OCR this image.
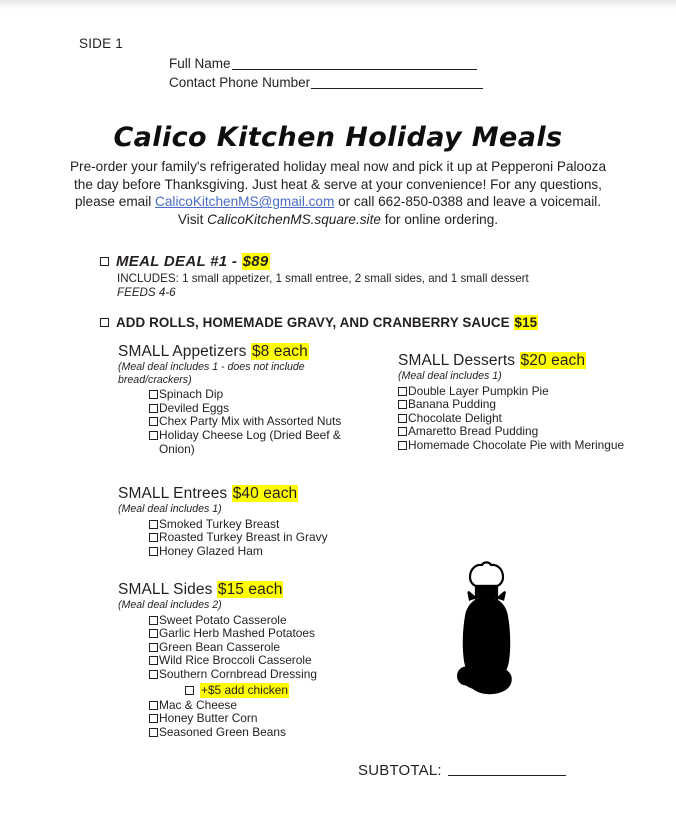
SIDE 1
Full Name
Contact Phone Number
Calico Kitchen Holiday Meals
Pre-order your family's refrigerated holiday meal now and pick it up at Pepperoni Palooza the day before Thanksgiving. Just heat & serve at your convenience! For any questions, please email CalicoKitchenMS@gmail.com or call 662-850-0388 and leave a voicemail. Visit CalicoKitchenMS.square.site for online ordering.
MEAL DEAL #1 - $89
INCLUDES: 1 small appetizer, 1 small entree, 2 small sides, and 1 small dessert
FEEDS 4-6
ADD ROLLS, HOMEMADE GRAVY, AND CRANBERRY SAUCE $15
SMALL Appetizers $8 each
(Meal deal includes 1 - does not include bread/crackers)
Spinach Dip
Deviled Eggs
Chex Party Mix with Assorted Nuts
Holiday Cheese Log (Dried Beef & Onion)
SMALL Desserts $20 each
(Meal deal includes 1)
Double Layer Pumpkin Pie
Banana Pudding
Chocolate Delight
Amaretto Bread Pudding
Homemade Chocolate Pie with Meringue
SMALL Entrees $40 each
(Meal deal includes 1)
Smoked Turkey Breast
Roasted Turkey Breast in Gravy
Honey Glazed Ham
SMALL Sides $15 each
(Meal deal includes 2)
Sweet Potato Casserole
Garlic Herb Mashed Potatoes
Green Bean Casserole
Wild Rice Broccoli Casserole
Southern Cornbread Dressing
+$5 add chicken
Mac & Cheese
Honey Butter Corn
Seasoned Green Beans
SUBTOTAL:
